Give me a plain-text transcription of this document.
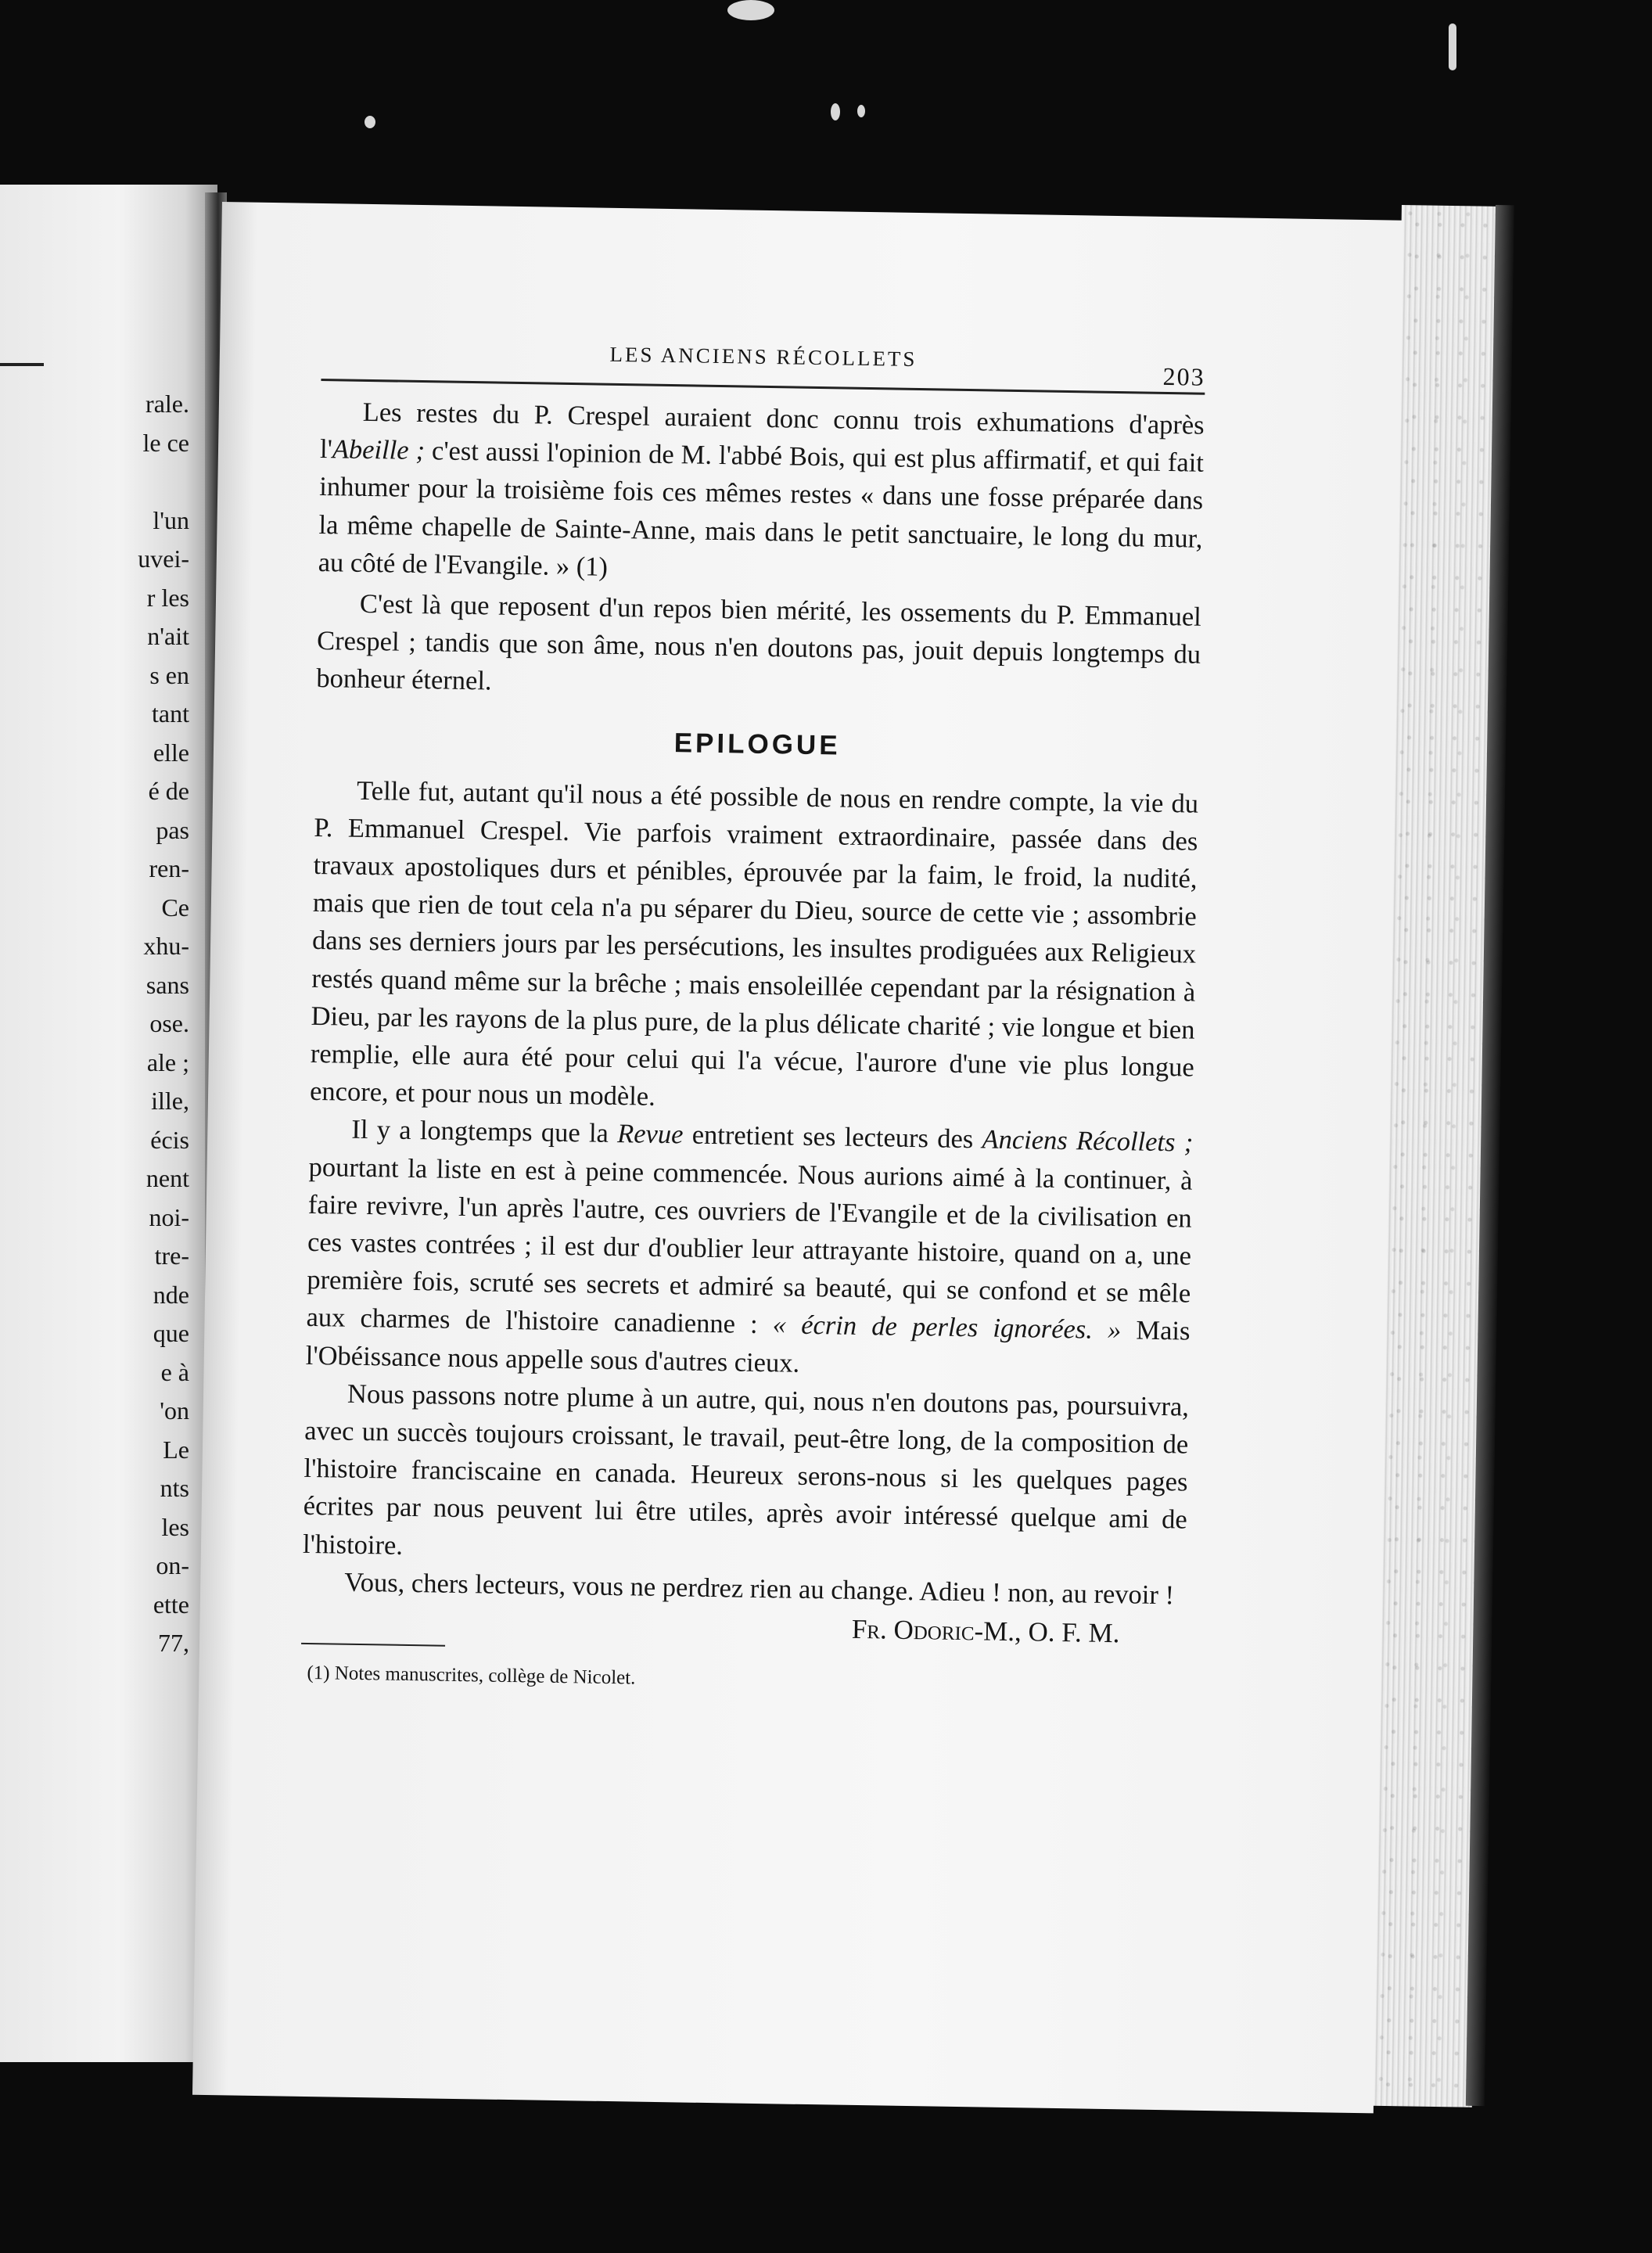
rale.
le ce

l'un
uvei-
r les
n'ait
s en
tant
elle
é de
pas
ren-
Ce
xhu-
sans
ose.
ale ;
ille,
écis
nent
noi-
tre-
nde
que
e à
'on
Le
nts
les
on-
ette
77,
LES ANCIENS RÉCOLLETS
203

Les restes du P. Crespel auraient donc connu trois exhumations d'après l'Abeille ; c'est aussi l'opinion de M. l'abbé Bois, qui est plus affirmatif, et qui fait inhumer pour la troisième fois ces mêmes restes « dans une fosse préparée dans la même chapelle de Sainte-Anne, mais dans le petit sanctuaire, le long du mur, au côté de l'Evangile. » (1)

C'est là que reposent d'un repos bien mérité, les ossements du P. Emmanuel Crespel ; tandis que son âme, nous n'en doutons pas, jouit depuis longtemps du bonheur éternel.

EPILOGUE

Telle fut, autant qu'il nous a été possible de nous en rendre compte, la vie du P. Emmanuel Crespel. Vie parfois vraiment extraordinaire, passée dans des travaux apostoliques durs et pénibles, éprouvée par la faim, le froid, la nudité, mais que rien de tout cela n'a pu séparer du Dieu, source de cette vie ; assombrie dans ses derniers jours par les persécutions, les insultes prodiguées aux Religieux restés quand même sur la brêche ; mais ensoleillée cependant par la résignation à Dieu, par les rayons de la plus pure, de la plus délicate charité ; vie longue et bien remplie, elle aura été pour celui qui l'a vécue, l'aurore d'une vie plus longue encore, et pour nous un modèle.

Il y a longtemps que la Revue entretient ses lecteurs des Anciens Récollets ; pourtant la liste en est à peine commencée. Nous aurions aimé à la continuer, à faire revivre, l'un après l'autre, ces ouvriers de l'Evangile et de la civilisation en ces vastes contrées ; il est dur d'oublier leur attrayante histoire, quand on a, une première fois, scruté ses secrets et admiré sa beauté, qui se confond et se mêle aux charmes de l'histoire canadienne : « écrin de perles ignorées. » Mais l'Obéissance nous appelle sous d'autres cieux.

Nous passons notre plume à un autre, qui, nous n'en doutons pas, poursuivra, avec un succès toujours croissant, le travail, peut-être long, de la composition de l'histoire franciscaine en canada. Heureux serons-nous si les quelques pages écrites par nous peuvent lui être utiles, après avoir intéressé quelque ami de l'histoire.

Vous, chers lecteurs, vous ne perdrez rien au change. Adieu ! non, au revoir !

Fr. Odoric-M., O. F. M.
(1) Notes manuscrites, collège de Nicolet.
